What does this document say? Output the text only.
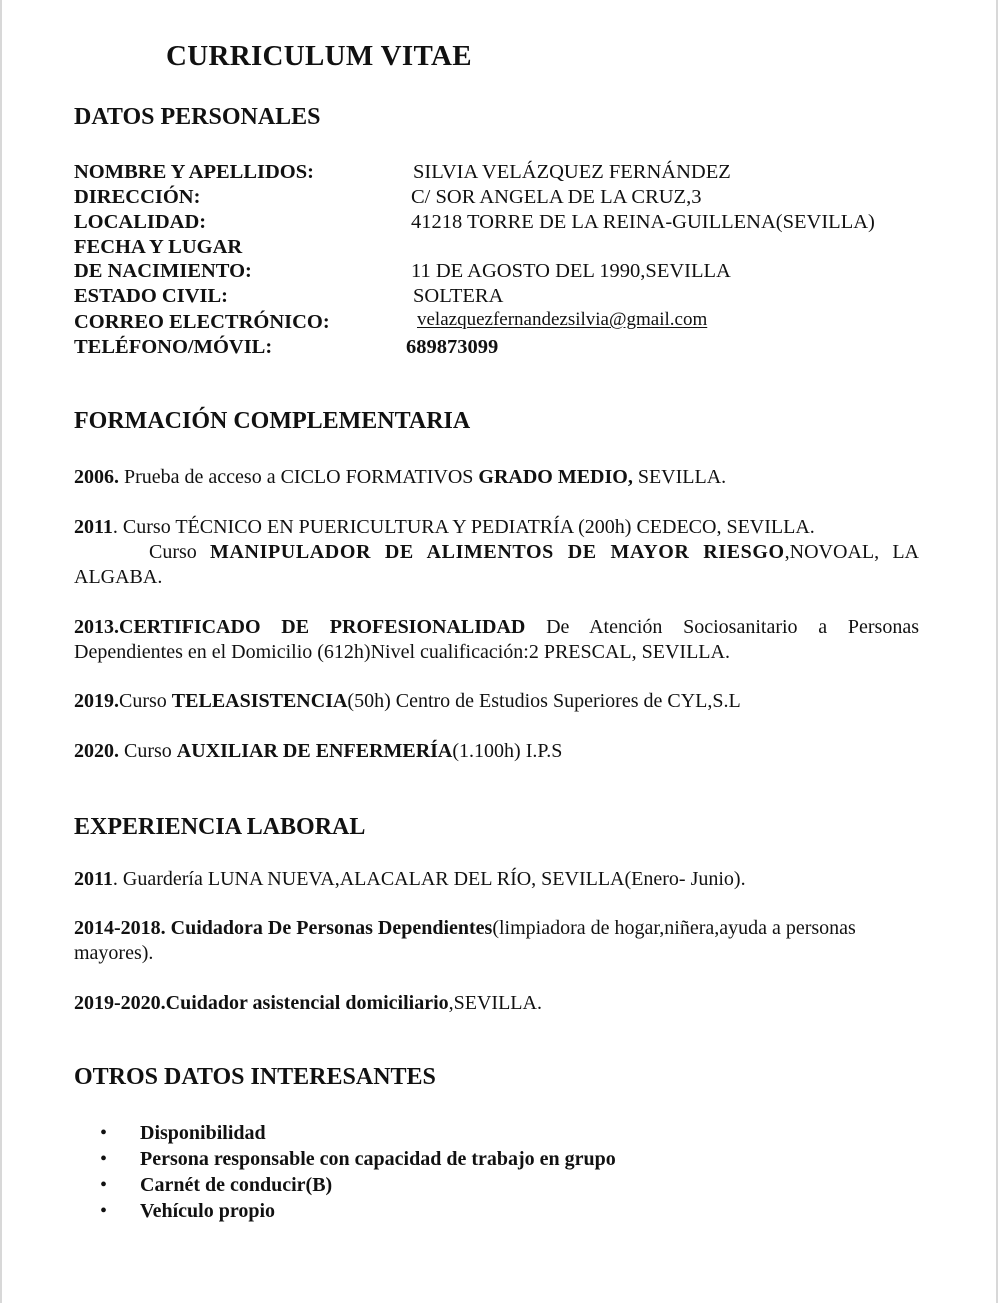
CURRICULUM VITAE
DATOS PERSONALES
NOMBRE Y APELLIDOS:	SILVIA VELÁZQUEZ FERNÁNDEZ
DIRECCIÓN:	C/ SOR ANGELA DE LA CRUZ,3
LOCALIDAD:	41218 TORRE DE LA REINA-GUILLENA(SEVILLA)
FECHA Y LUGAR
DE NACIMIENTO:	11 DE AGOSTO DEL 1990,SEVILLA
ESTADO CIVIL:	SOLTERA
CORREO ELECTRÓNICO:	velazquezfernandezsilvia@gmail.com
TELÉFONO/MÓVIL:	689873099
FORMACIÓN COMPLEMENTARIA
2006. Prueba de acceso a CICLO FORMATIVOS GRADO MEDIO, SEVILLA.
2011. Curso TÉCNICO EN PUERICULTURA Y PEDIATRÍA (200h) CEDECO, SEVILLA.
Curso MANIPULADOR DE ALIMENTOS DE MAYOR RIESGO,NOVOAL, LA ALGABA.
2013.CERTIFICADO DE PROFESIONALIDAD De Atención Sociosanitario a Personas Dependientes en el Domicilio (612h)Nivel cualificación:2 PRESCAL, SEVILLA.
2019.Curso TELEASISTENCIA(50h) Centro de Estudios Superiores de CYL,S.L
2020. Curso AUXILIAR DE ENFERMERÍA(1.100h) I.P.S
EXPERIENCIA LABORAL
2011. Guardería LUNA NUEVA,ALACALAR DEL RÍO, SEVILLA(Enero- Junio).
2014-2018. Cuidadora De Personas Dependientes(limpiadora de hogar,niñera,ayuda a personas mayores).
2019-2020.Cuidador asistencial domiciliario,SEVILLA.
OTROS DATOS INTERESANTES
• Disponibilidad
• Persona responsable con capacidad de trabajo en grupo
• Carnét de conducir(B)
• Vehículo propio
